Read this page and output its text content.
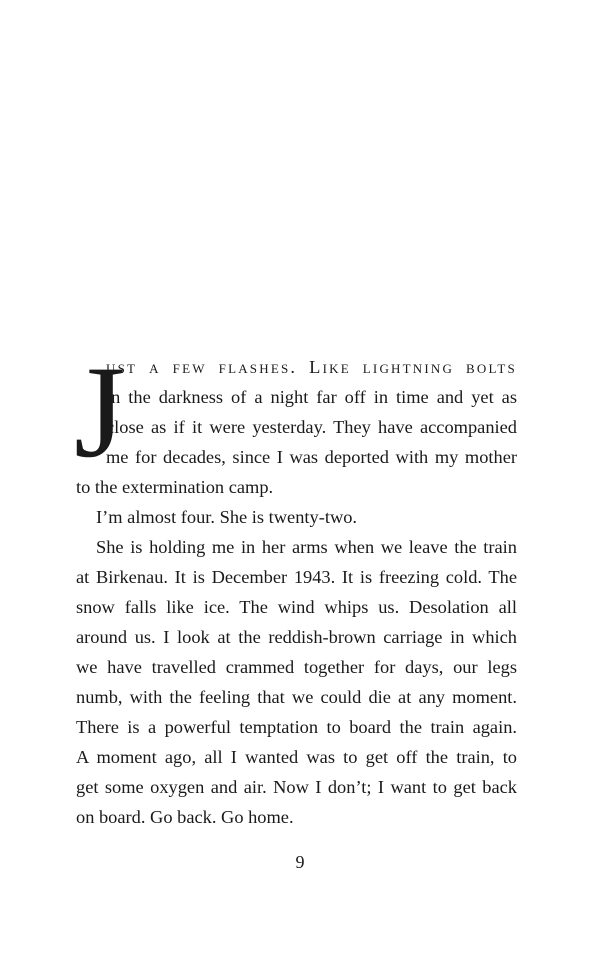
J
ust a few flashes. Like lightning bolts
in the darkness of a night far off in time and yet as
close as if it were yesterday. They have accompanied
me for decades, since I was deported with my mother
to the extermination camp.
I’m almost four. She is twenty-two.
She is holding me in her arms when we leave the train
at Birkenau. It is December 1943. It is freezing cold. The
snow falls like ice. The wind whips us. Desolation all
around us. I look at the reddish-brown carriage in which
we have travelled crammed together for days, our legs
numb, with the feeling that we could die at any moment.
There is a powerful temptation to board the train again.
A moment ago, all I wanted was to get off the train, to
get some oxygen and air. Now I don’t; I want to get back
on board. Go back. Go home.
9
